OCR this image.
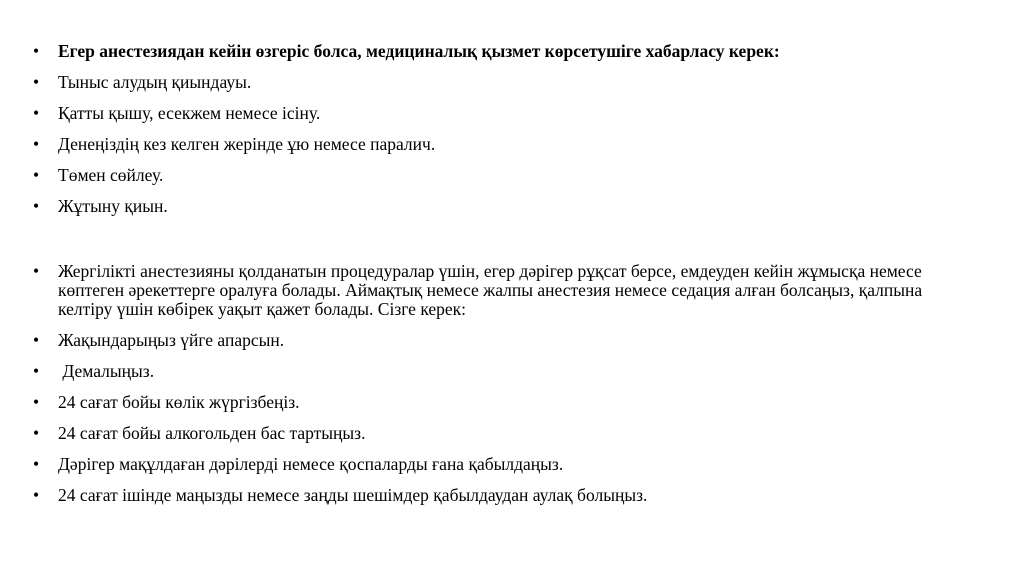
•	Егер анестезиядан кейін өзгеріс болса, медициналық қызмет көрсетушіге хабарласу керек:
•	Тыныс алудың қиындауы.
•	Қатты қышу, есекжем немесе ісіну.
•	Денеңіздің кез келген жерінде ұю немесе паралич.
•	Төмен сөйлеу.
•	Жұтыну қиын.
•	Жергілікті анестезияны қолданатын процедуралар үшін, егер дәрігер рұқсат берсе, емдеуден кейін жұмысқа немесе көптеген әрекеттерге оралуға болады. Аймақтық немесе жалпы анестезия немесе седация алған болсаңыз, қалпына келтіру үшін көбірек уақыт қажет болады. Сізге керек:
•	Жақындарыңыз үйге апарсын.
•	Демалыңыз.
•	24 сағат бойы көлік жүргізбеңіз.
•	24 сағат бойы алкогольден бас тартыңыз.
•	Дәрігер мақұлдаған дәрілерді немесе қоспаларды ғана қабылдаңыз.
•	24 сағат ішінде маңызды немесе заңды шешімдер қабылдаудан аулақ болыңыз.
